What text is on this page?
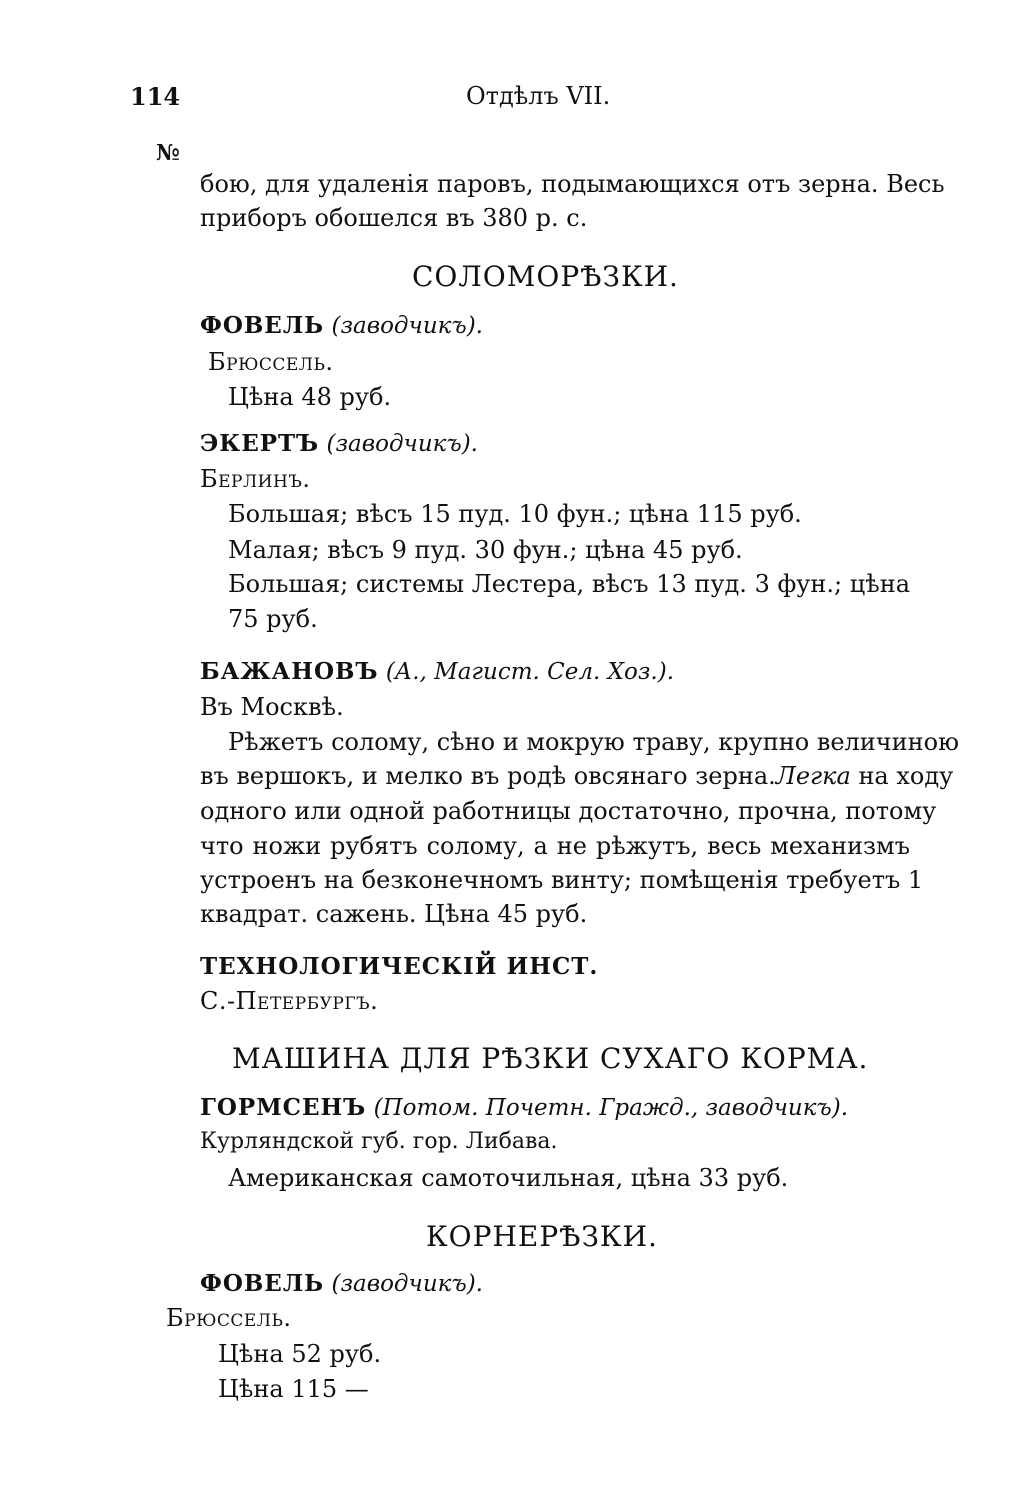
114	Отдѣлъ VII.
№
бою, для удаленія паровъ, подымающихся отъ зерна. Весь
приборъ обошелся въ 380 р. с.
СОЛОМОРѢЗКИ.
ФОВЕЛЬ (заводчикъ).
Брюссель.
Цѣна 48 руб.
ЭКЕРТЪ (заводчикъ).
Берлинъ.
Большая; вѣсъ 15 пуд. 10 фун.; цѣна 115 руб.
Малая; вѣсъ 9 пуд. 30 фун.; цѣна 45 руб.
Большая; системы Лестера, вѣсъ 13 пуд. 3 фун.; цѣна
75 руб.
БАЖАНОВЪ (А., Магист. Сел. Хоз.).
Въ Москвѣ.
Рѣжетъ солому, сѣно и мокрую траву, крупно величиною
въ вершокъ, и мелко въ родѣ овсянаго зерна. Легка на ходу
одного или одной работницы достаточно, прочна, потому
что ножи рубятъ солому, а не рѣжутъ, весь механизмъ
устроенъ на безконечномъ винту; помѣщенія требуетъ 1
квадрат. сажень. Цѣна 45 руб.
ТЕХНОЛОГИЧЕСКІЙ ИНСТ.
С.-Петербургъ.
МАШИНА ДЛЯ РѢЗКИ СУХАГО КОРМА.
ГОРМСЕНЪ (Потом. Почетн. Гражд., заводчикъ).
Курляндской губ. гор. Либава.
Американская самоточильная, цѣна 33 руб.
КОРНЕРѢЗКИ.
ФОВЕЛЬ (заводчикъ).
Брюссель.
Цѣна 52 руб.
Цѣна 115 —
